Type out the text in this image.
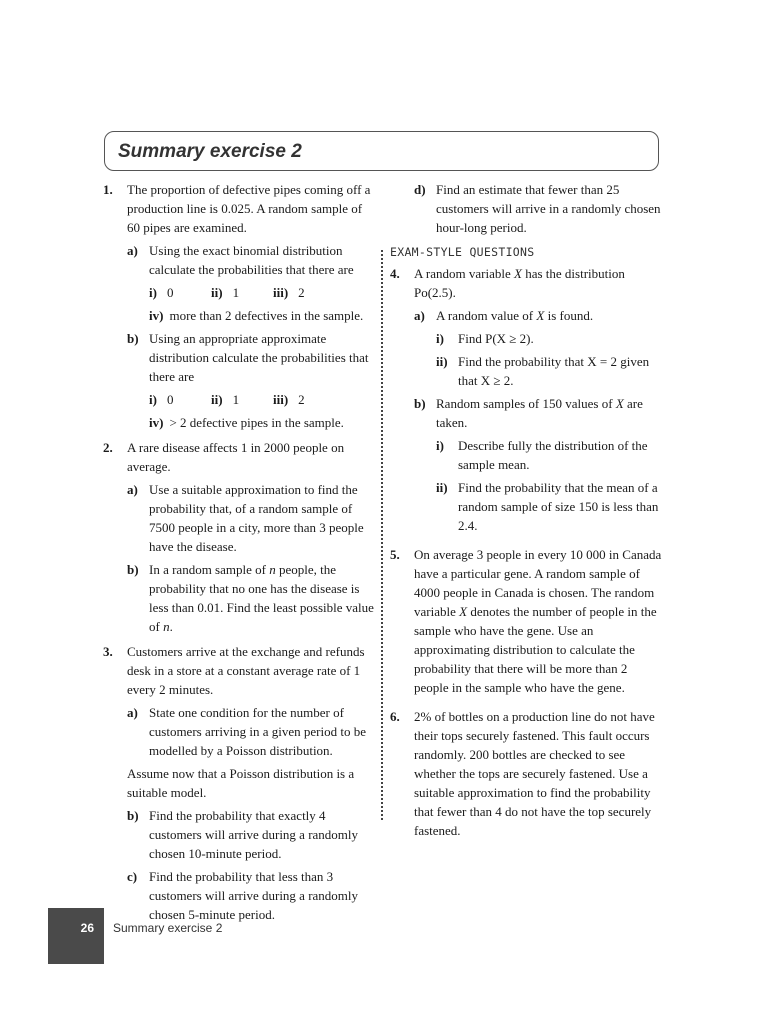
Summary exercise 2
1. The proportion of defective pipes coming off a production line is 0.025. A random sample of 60 pipes are examined.
a) Using the exact binomial distribution calculate the probabilities that there are
i) 0	ii) 1	iii) 2
iv) more than 2 defectives in the sample.
b) Using an appropriate approximate distribution calculate the probabilities that there are
i) 0	ii) 1	iii) 2
iv) > 2 defective pipes in the sample.
2. A rare disease affects 1 in 2000 people on average.
a) Use a suitable approximation to find the probability that, of a random sample of 7500 people in a city, more than 3 people have the disease.
b) In a random sample of n people, the probability that no one has the disease is less than 0.01. Find the least possible value of n.
3. Customers arrive at the exchange and refunds desk in a store at a constant average rate of 1 every 2 minutes.
a) State one condition for the number of customers arriving in a given period to be modelled by a Poisson distribution.
Assume now that a Poisson distribution is a suitable model.
b) Find the probability that exactly 4 customers will arrive during a randomly chosen 10-minute period.
c) Find the probability that less than 3 customers will arrive during a randomly chosen 5-minute period.
d) Find an estimate that fewer than 25 customers will arrive in a randomly chosen hour-long period.
EXAM-STYLE QUESTIONS
4. A random variable X has the distribution Po(2.5).
a) A random value of X is found.
i) Find P(X ≥ 2).
ii) Find the probability that X = 2 given that X ≥ 2.
b) Random samples of 150 values of X are taken.
i) Describe fully the distribution of the sample mean.
ii) Find the probability that the mean of a random sample of size 150 is less than 2.4.
5. On average 3 people in every 10 000 in Canada have a particular gene. A random sample of 4000 people in Canada is chosen. The random variable X denotes the number of people in the sample who have the gene. Use an approximating distribution to calculate the probability that there will be more than 2 people in the sample who have the gene.
6. 2% of bottles on a production line do not have their tops securely fastened. This fault occurs randomly. 200 bottles are checked to see whether the tops are securely fastened. Use a suitable approximation to find the probability that fewer than 4 do not have the top securely fastened.
26	Summary exercise 2
